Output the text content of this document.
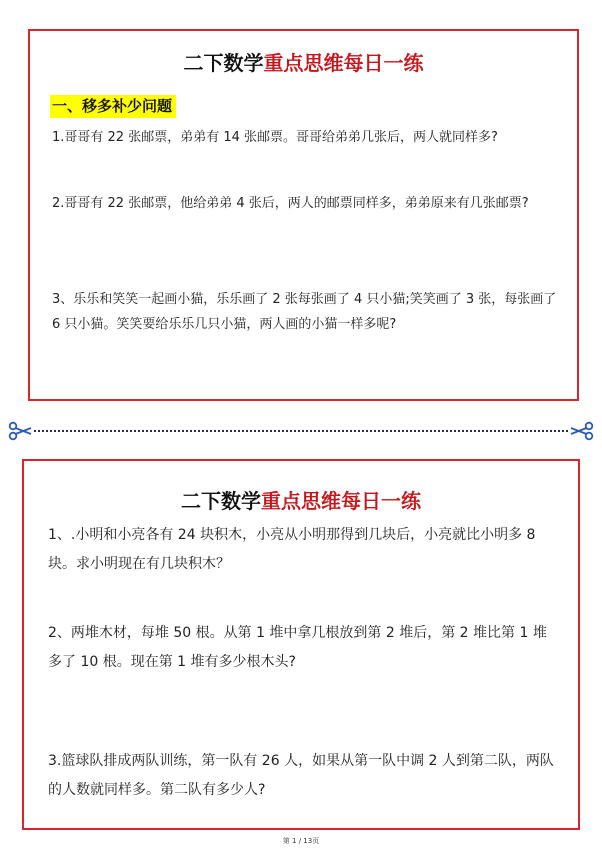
二下数学重点思维每日一练
一、移多补少问题
1.哥哥有 22 张邮票，弟弟有 14 张邮票。哥哥给弟弟几张后，两人就同样多?
2.哥哥有 22 张邮票，他给弟弟 4 张后，两人的邮票同样多，弟弟原来有几张邮票?
3、乐乐和笑笑一起画小猫，乐乐画了 2 张每张画了 4 只小猫;笑笑画了 3 张，每张画了 6 只小猫。笑笑要给乐乐几只小猫，两人画的小猫一样多呢?
二下数学重点思维每日一练
1、.小明和小亮各有 24 块积木，小亮从小明那得到几块后，小亮就比小明多 8 块。求小明现在有几块积木？
2、两堆木材，每堆 50 根。从第 1 堆中拿几根放到第 2 堆后，第 2 堆比第 1 堆多了 10 根。现在第 1 堆有多少根木头?
3.篮球队排成两队训练，第一队有 26 人，如果从第一队中调 2 人到第二队，两队的人数就同样多。第二队有多少人?
第 1 / 13页
